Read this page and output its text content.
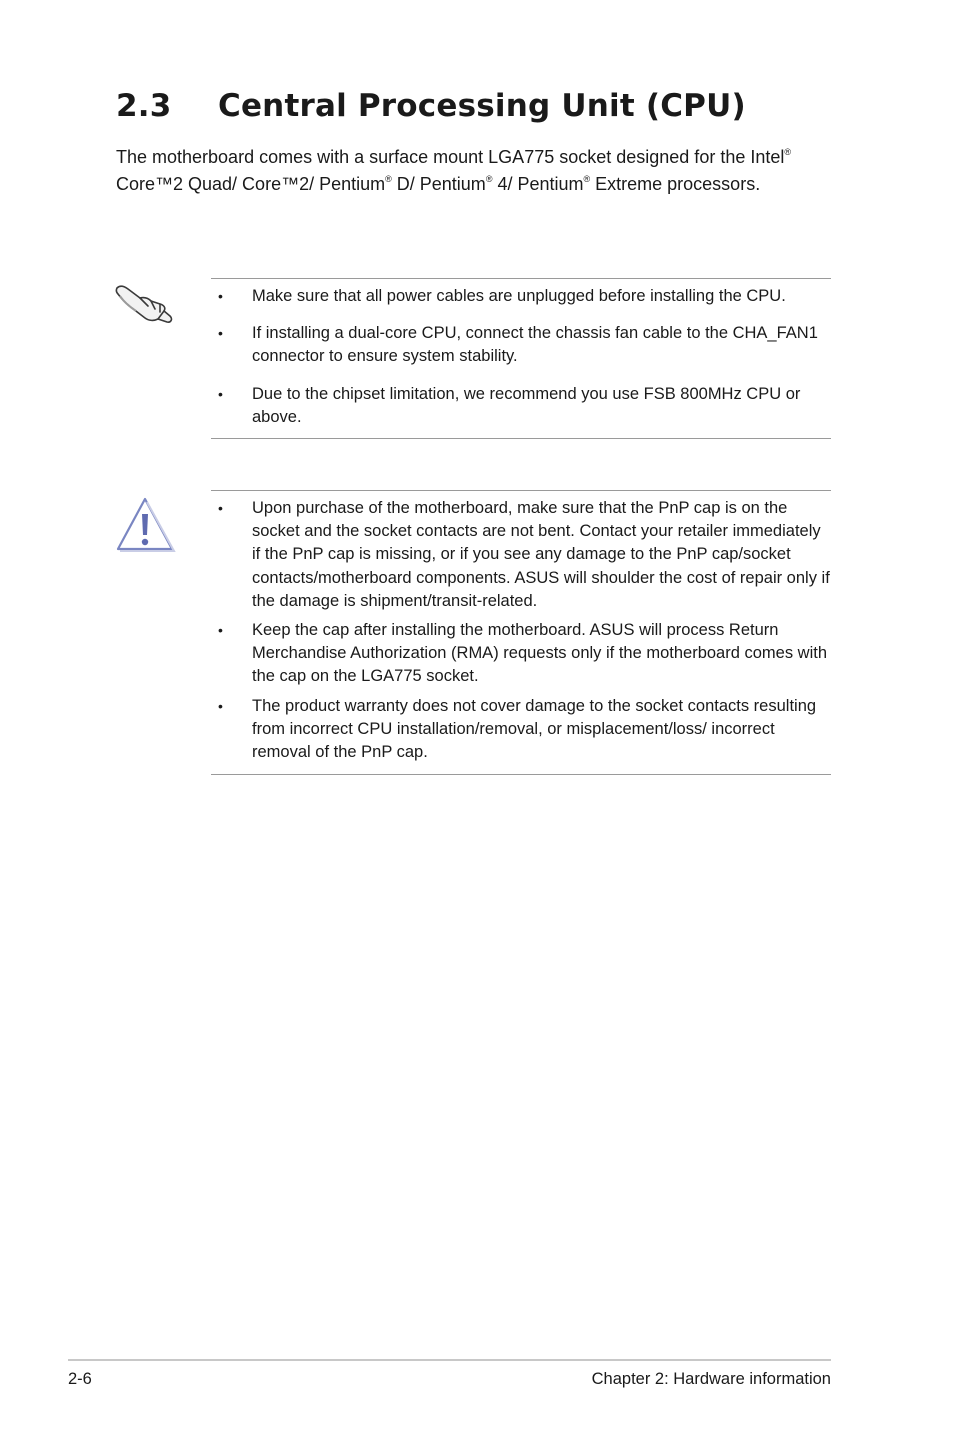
2.3 Central Processing Unit (CPU)

The motherboard comes with a surface mount LGA775 socket designed for the Intel® Core™2 Quad/ Core™2/ Pentium® D/ Pentium® 4/ Pentium® Extreme processors.

• Make sure that all power cables are unplugged before installing the CPU.
• If installing a dual-core CPU, connect the chassis fan cable to the CHA_FAN1 connector to ensure system stability.
• Due to the chipset limitation, we recommend you use FSB 800MHz CPU or above.
• Upon purchase of the motherboard, make sure that the PnP cap is on the socket and the socket contacts are not bent. Contact your retailer immediately if the PnP cap is missing, or if you see any damage to the PnP cap/socket contacts/motherboard components. ASUS will shoulder the cost of repair only if the damage is shipment/transit-related.
• Keep the cap after installing the motherboard. ASUS will process Return Merchandise Authorization (RMA) requests only if the motherboard comes with the cap on the LGA775 socket.
• The product warranty does not cover damage to the socket contacts resulting from incorrect CPU installation/removal, or misplacement/loss/ incorrect removal of the PnP cap.
2-6	Chapter 2: Hardware information
